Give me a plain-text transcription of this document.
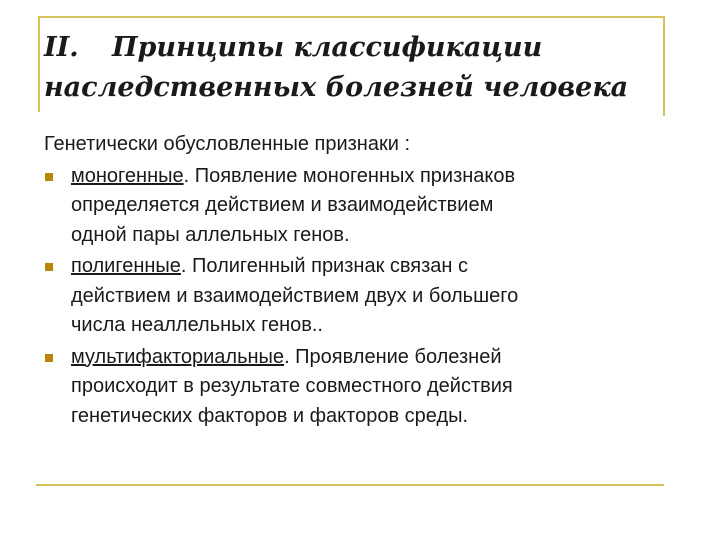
II. Принципы классификации
наследственных болезней человека

Генетически обусловленные признаки :

моногенные. Появление моногенных признаков
определяется действием и взаимодействием
одной пары аллельных генов.
полигенные. Полигенный признак связан с
действием и взаимодействием двух и большего
числа неаллельных генов..
мультифакториальные. Проявление болезней
происходит в результате совместного действия
генетических факторов и факторов среды.
